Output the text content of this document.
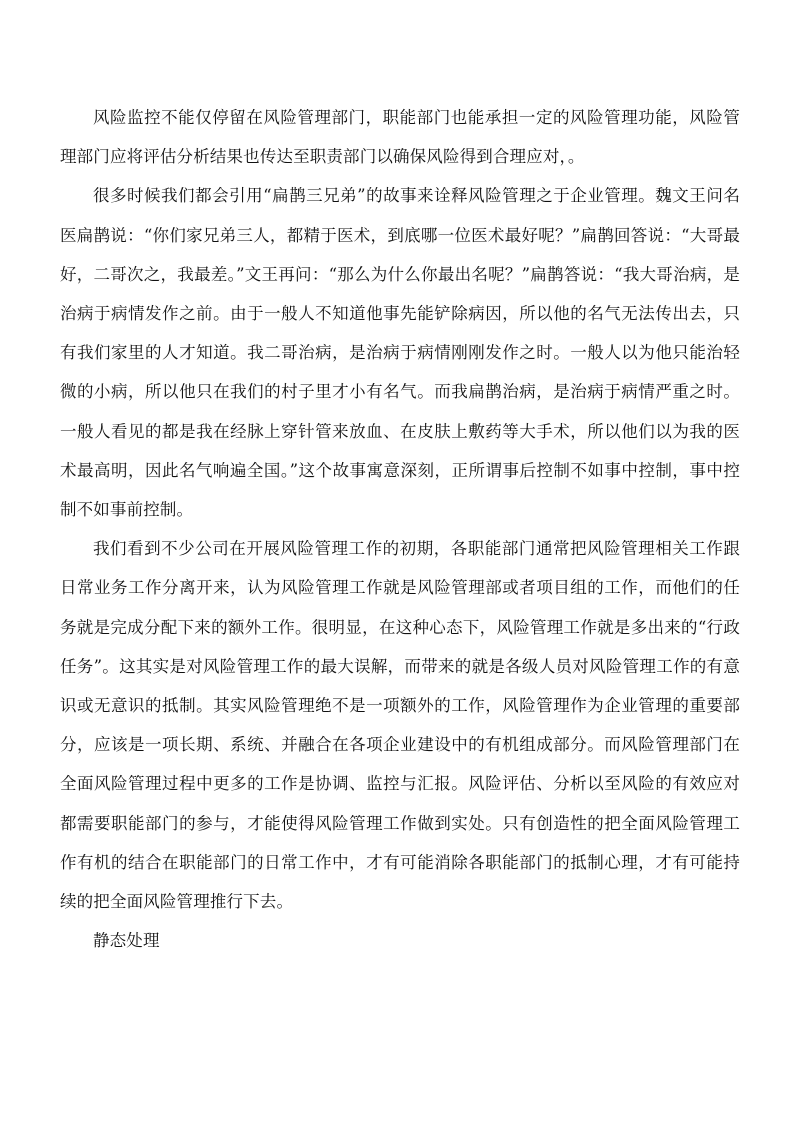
风险监控不能仅停留在风险管理部门，职能部门也能承担一定的风险管理功能，风险管理部门应将评估分析结果也传达至职责部门以确保风险得到合理应对，。

很多时候我们都会引用“扁鹊三兄弟”的故事来诠释风险管理之于企业管理。魏文王问名医扁鹊说：“你们家兄弟三人，都精于医术，到底哪一位医术最好呢？”扁鹊回答说：“大哥最好，二哥次之，我最差。”文王再问：“那么为什么你最出名呢？”扁鹊答说：“我大哥治病，是治病于病情发作之前。由于一般人不知道他事先能铲除病因，所以他的名气无法传出去，只有我们家里的人才知道。我二哥治病，是治病于病情刚刚发作之时。一般人以为他只能治轻微的小病，所以他只在我们的村子里才小有名气。而我扁鹊治病，是治病于病情严重之时。一般人看见的都是我在经脉上穿针管来放血、在皮肤上敷药等大手术，所以他们以为我的医术最高明，因此名气响遍全国。”这个故事寓意深刻，正所谓事后控制不如事中控制，事中控制不如事前控制。

我们看到不少公司在开展风险管理工作的初期，各职能部门通常把风险管理相关工作跟日常业务工作分离开来，认为风险管理工作就是风险管理部或者项目组的工作，而他们的任务就是完成分配下来的额外工作。很明显，在这种心态下，风险管理工作就是多出来的“行政任务”。这其实是对风险管理工作的最大误解，而带来的就是各级人员对风险管理工作的有意识或无意识的抵制。其实风险管理绝不是一项额外的工作，风险管理作为企业管理的重要部分，应该是一项长期、系统、并融合在各项企业建设中的有机组成部分。而风险管理部门在全面风险管理过程中更多的工作是协调、监控与汇报。风险评估、分析以至风险的有效应对都需要职能部门的参与，才能使得风险管理工作做到实处。只有创造性的把全面风险管理工作有机的结合在职能部门的日常工作中，才有可能消除各职能部门的抵制心理，才有可能持续的把全面风险管理推行下去。

静态处理
